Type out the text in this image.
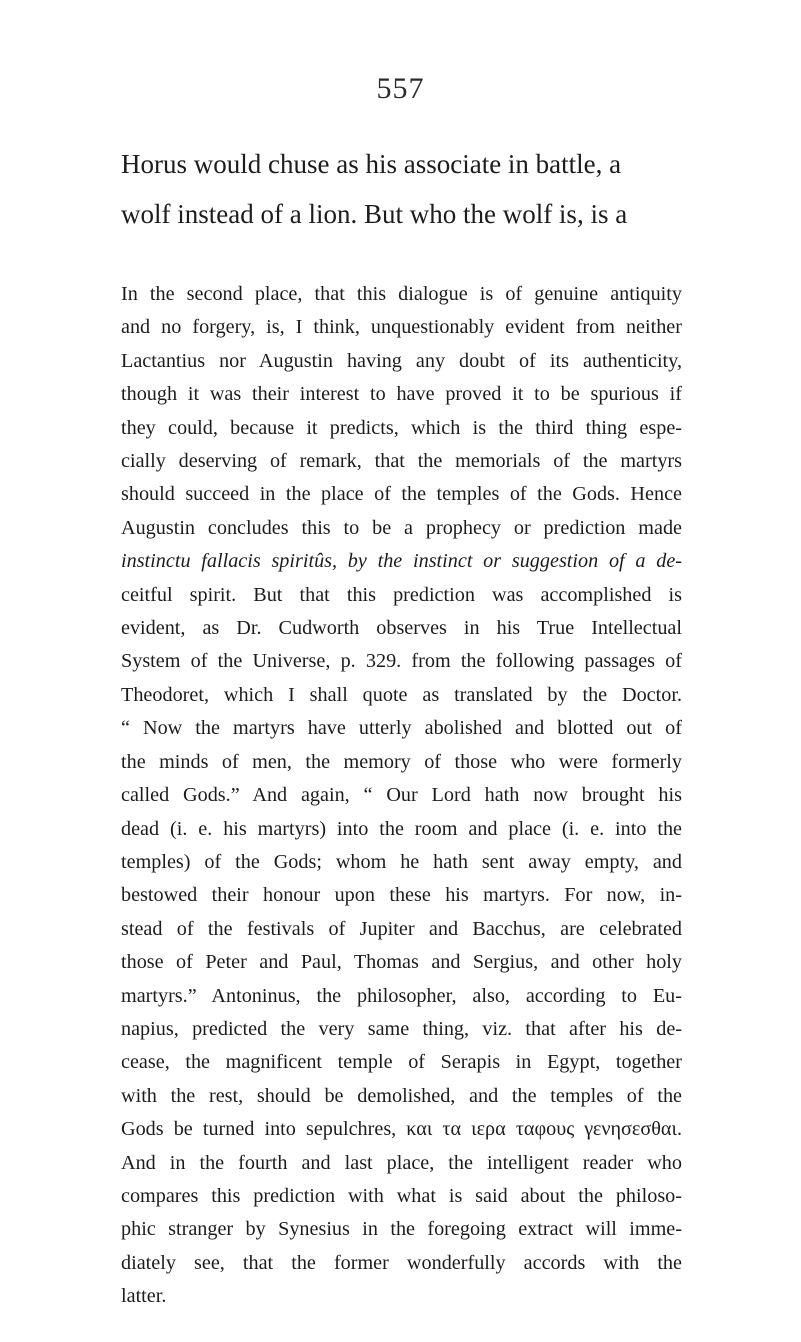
557
Horus would chuse as his associate in battle, a
wolf instead of a lion. But who the wolf is, is a
In the second place, that this dialogue is of genuine antiquity
and no forgery, is, I think, unquestionably evident from neither
Lactantius nor Augustin having any doubt of its authenticity,
though it was their interest to have proved it to be spurious if
they could, because it predicts, which is the third thing espe-
cially deserving of remark, that the memorials of the martyrs
should succeed in the place of the temples of the Gods. Hence
Augustin concludes this to be a prophecy or prediction made
instinctu fallacis spiritûs, by the instinct or suggestion of a de-
ceitful spirit. But that this prediction was accomplished is
evident, as Dr. Cudworth observes in his True Intellectual
System of the Universe, p. 329. from the following passages of
Theodoret, which I shall quote as translated by the Doctor.
“ Now the martyrs have utterly abolished and blotted out of
the minds of men, the memory of those who were formerly
called Gods.” And again, “ Our Lord hath now brought his
dead (i. e. his martyrs) into the room and place (i. e. into the
temples) of the Gods; whom he hath sent away empty, and
bestowed their honour upon these his martyrs. For now, in-
stead of the festivals of Jupiter and Bacchus, are celebrated
those of Peter and Paul, Thomas and Sergius, and other holy
martyrs.” Antoninus, the philosopher, also, according to Eu-
napius, predicted the very same thing, viz. that after his de-
cease, the magnificent temple of Serapis in Egypt, together
with the rest, should be demolished, and the temples of the
Gods be turned into sepulchres, και τα ιερα ταφους γενησεσθαι.
And in the fourth and last place, the intelligent reader who
compares this prediction with what is said about the philoso-
phic stranger by Synesius in the foregoing extract will imme-
diately see, that the former wonderfully accords with the
latter.
